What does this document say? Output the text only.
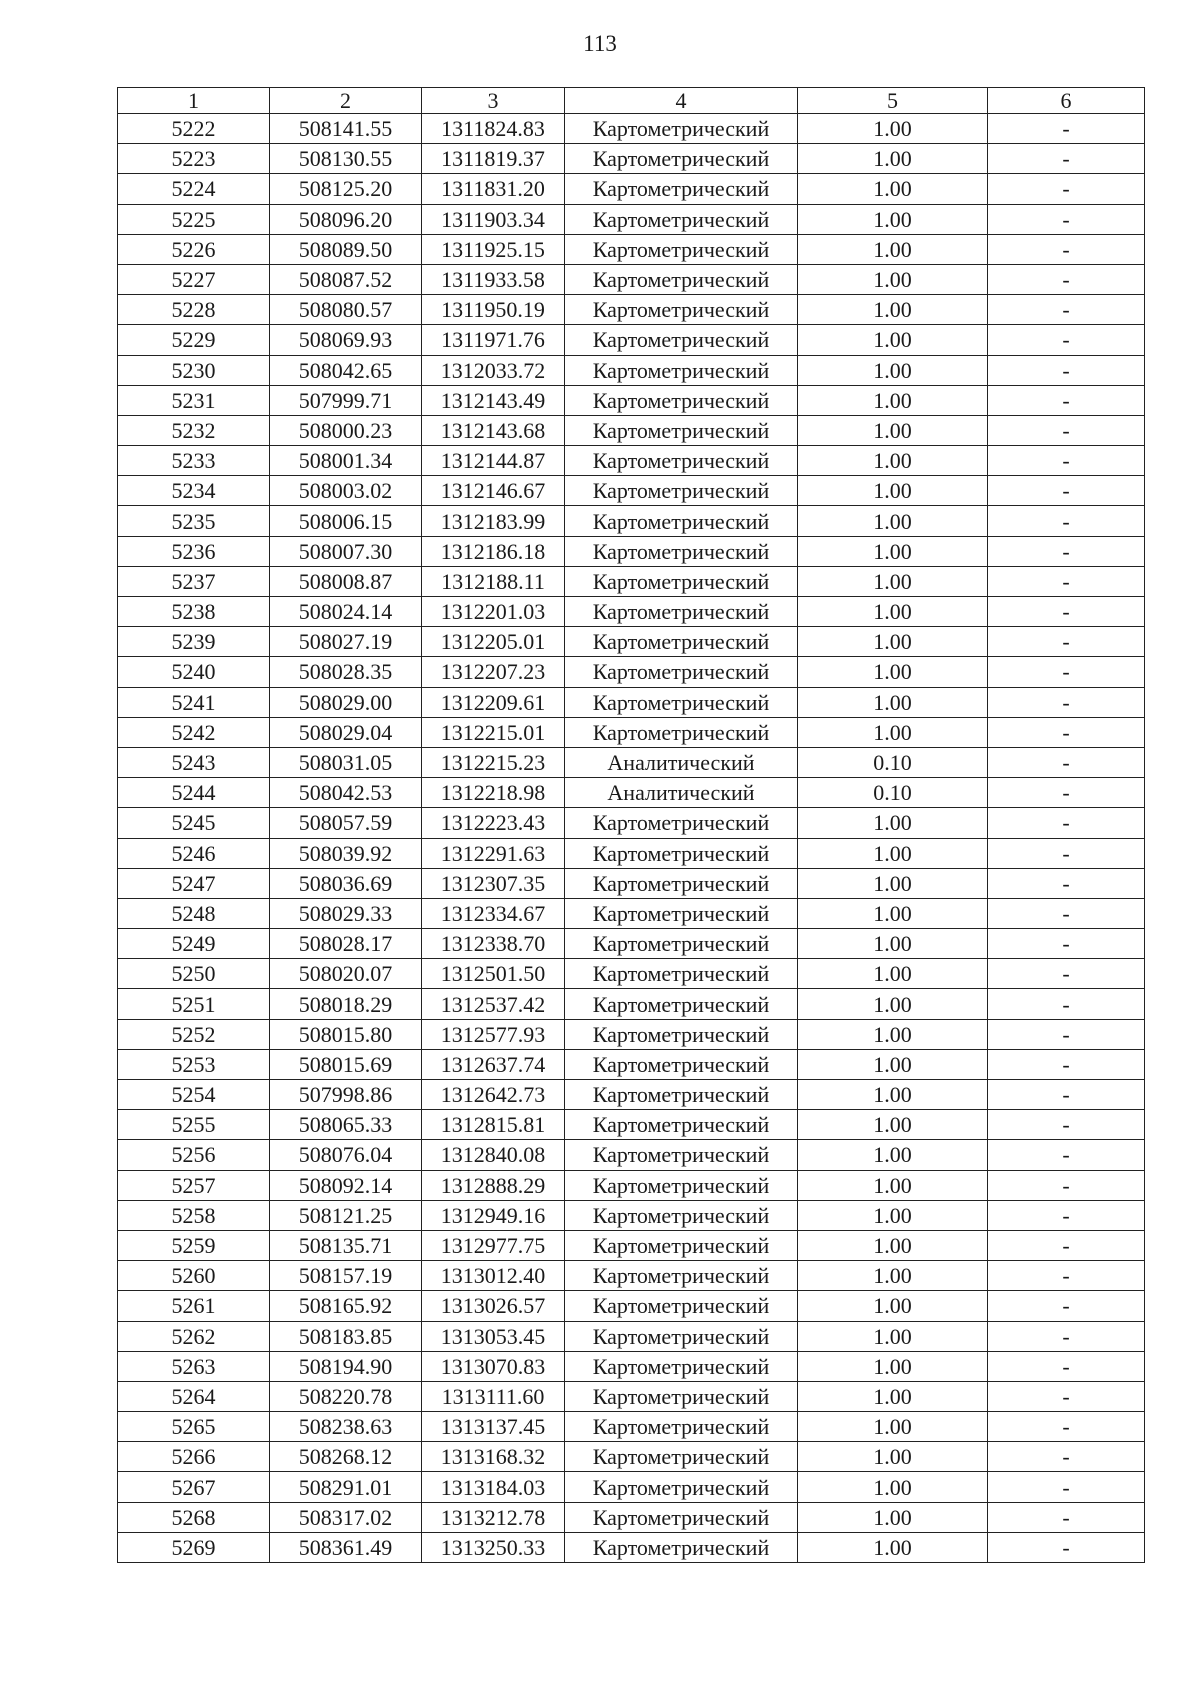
113
1	2	3	4	5	6
5222	508141.55	1311824.83	Картометрический	1.00	-
5223	508130.55	1311819.37	Картометрический	1.00	-
5224	508125.20	1311831.20	Картометрический	1.00	-
5225	508096.20	1311903.34	Картометрический	1.00	-
5226	508089.50	1311925.15	Картометрический	1.00	-
5227	508087.52	1311933.58	Картометрический	1.00	-
5228	508080.57	1311950.19	Картометрический	1.00	-
5229	508069.93	1311971.76	Картометрический	1.00	-
5230	508042.65	1312033.72	Картометрический	1.00	-
5231	507999.71	1312143.49	Картометрический	1.00	-
5232	508000.23	1312143.68	Картометрический	1.00	-
5233	508001.34	1312144.87	Картометрический	1.00	-
5234	508003.02	1312146.67	Картометрический	1.00	-
5235	508006.15	1312183.99	Картометрический	1.00	-
5236	508007.30	1312186.18	Картометрический	1.00	-
5237	508008.87	1312188.11	Картометрический	1.00	-
5238	508024.14	1312201.03	Картометрический	1.00	-
5239	508027.19	1312205.01	Картометрический	1.00	-
5240	508028.35	1312207.23	Картометрический	1.00	-
5241	508029.00	1312209.61	Картометрический	1.00	-
5242	508029.04	1312215.01	Картометрический	1.00	-
5243	508031.05	1312215.23	Аналитический	0.10	-
5244	508042.53	1312218.98	Аналитический	0.10	-
5245	508057.59	1312223.43	Картометрический	1.00	-
5246	508039.92	1312291.63	Картометрический	1.00	-
5247	508036.69	1312307.35	Картометрический	1.00	-
5248	508029.33	1312334.67	Картометрический	1.00	-
5249	508028.17	1312338.70	Картометрический	1.00	-
5250	508020.07	1312501.50	Картометрический	1.00	-
5251	508018.29	1312537.42	Картометрический	1.00	-
5252	508015.80	1312577.93	Картометрический	1.00	-
5253	508015.69	1312637.74	Картометрический	1.00	-
5254	507998.86	1312642.73	Картометрический	1.00	-
5255	508065.33	1312815.81	Картометрический	1.00	-
5256	508076.04	1312840.08	Картометрический	1.00	-
5257	508092.14	1312888.29	Картометрический	1.00	-
5258	508121.25	1312949.16	Картометрический	1.00	-
5259	508135.71	1312977.75	Картометрический	1.00	-
5260	508157.19	1313012.40	Картометрический	1.00	-
5261	508165.92	1313026.57	Картометрический	1.00	-
5262	508183.85	1313053.45	Картометрический	1.00	-
5263	508194.90	1313070.83	Картометрический	1.00	-
5264	508220.78	1313111.60	Картометрический	1.00	-
5265	508238.63	1313137.45	Картометрический	1.00	-
5266	508268.12	1313168.32	Картометрический	1.00	-
5267	508291.01	1313184.03	Картометрический	1.00	-
5268	508317.02	1313212.78	Картометрический	1.00	-
5269	508361.49	1313250.33	Картометрический	1.00	-
